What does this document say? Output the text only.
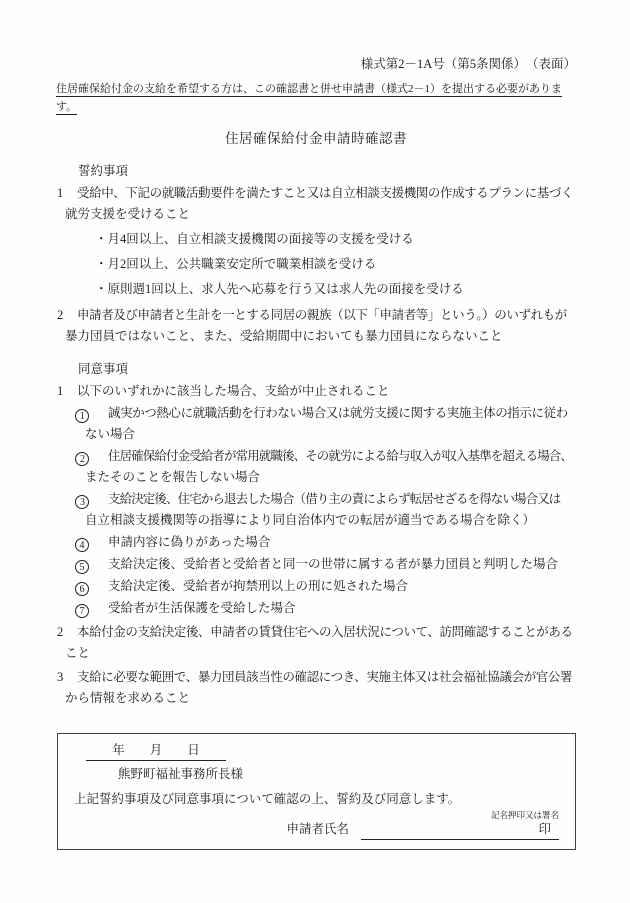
様式第2－1A号（第5条関係）　（表面）
住居確保給付金の支給を希望する方は、この確認書と併せ申請書（様式2－1）を提出する必要があります。
住居確保給付金申請時確認書
誓約事項
1 受給中、下記の就職活動要件を満たすこと又は自立相談支援機関の作成するプランに基づく
就労支援を受けること
・月4回以上、自立相談支援機関の面接等の支援を受ける
・月2回以上、公共職業安定所で職業相談を受ける
・原則週1回以上、求人先へ応募を行う又は求人先の面接を受ける
2 申請者及び申請者と生計を一とする同居の親族（以下「申請者等」という。）のいずれもが
暴力団員ではないこと、また、受給期間中においても暴力団員にならないこと
同意事項
1 以下のいずれかに該当した場合、支給が中止されること
1 誠実かつ熱心に就職活動を行わない場合又は就労支援に関する実施主体の指示に従わ
ない場合
2 住居確保給付金受給者が常用就職後、その就労による給与収入が収入基準を超える場合、
またそのことを報告しない場合
3 支給決定後、住宅から退去した場合（借り主の責によらず転居せざるを得ない場合又は
自立相談支援機関等の指導により同自治体内での転居が適当である場合を除く）
4 申請内容に偽りがあった場合
5 支給決定後、受給者と受給者と同一の世帯に属する者が暴力団員と判明した場合
6 支給決定後、受給者が拘禁刑以上の刑に処された場合
7 受給者が生活保護を受給した場合
2 本給付金の支給決定後、申請者の賃貸住宅への入居状況について、訪問確認することがある
こと
3 支給に必要な範囲で、暴力団員該当性の確認につき、実施主体又は社会福祉協議会が官公署
から情報を求めること
年　　月　　日
熊野町福祉事務所長様
上記誓約事項及び同意事項について確認の上、誓約及び同意します。
記名押印又は署名
申請者氏名	印
